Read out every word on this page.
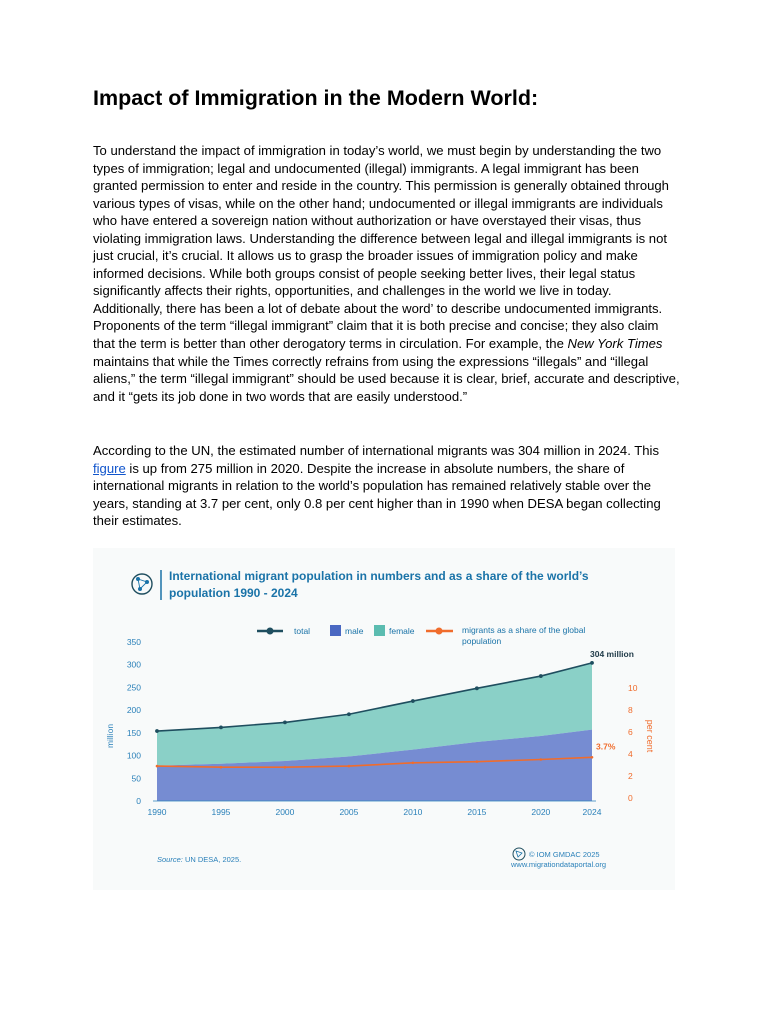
Impact of Immigration in the Modern World:

To understand the impact of immigration in today’s world, we must begin by understanding the two types of immigration; legal and undocumented (illegal) immigrants. A legal immigrant has been granted permission to enter and reside in the country. This permission is generally obtained through various types of visas, while on the other hand; undocumented or illegal immigrants are individuals who have entered a sovereign nation without authorization or have overstayed their visas, thus violating immigration laws. Understanding the difference between legal and illegal immigrants is not just crucial, it’s crucial. It allows us to grasp the broader issues of immigration policy and make informed decisions. While both groups consist of people seeking better lives, their legal status significantly affects their rights, opportunities, and challenges in the world we live in today. Additionally, there has been a lot of debate about the word’ to describe undocumented immigrants. Proponents of the term “illegal immigrant” claim that it is both precise and concise; they also claim that the term is better than other derogatory terms in circulation. For example, the New York Times maintains that while the Times correctly refrains from using the expressions “illegals” and “illegal aliens,” the term “illegal immigrant” should be used because it is clear, brief, accurate and descriptive, and it “gets its job done in two words that are easily understood.”

According to the UN, the estimated number of international migrants was 304 million in 2024. This figure is up from 275 million in 2020. Despite the increase in absolute numbers, the share of international migrants in relation to the world’s population has remained relatively stable over the years, standing at 3.7 per cent, only 0.8 per cent higher than in 1990 when DESA began collecting their estimates.

International migrant population in numbers and as a share of the world’s
population 1990 - 2024
total	male	female	migrants as a share of the global
population
million	per cent
0
50
100
150
200
250
300
350
0
2
4
6
8
10
1990	1995	2000	2005	2010	2015	2020	2024
304 million
3.7%
Source: UN DESA, 2025.
© IOM GMDAC 2025
www.migrationdataportal.org
